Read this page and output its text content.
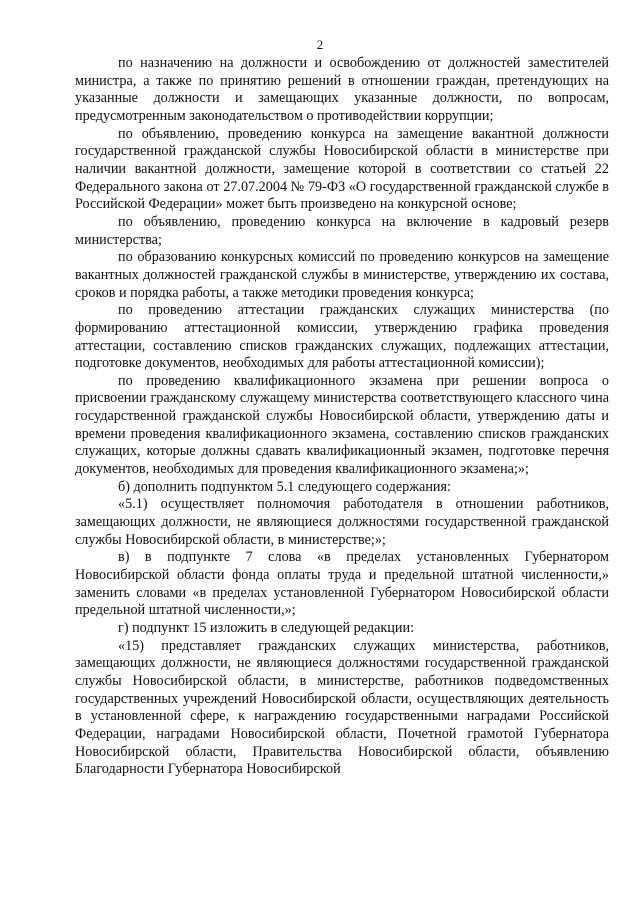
2

по назначению на должности и освобождению от должностей заместителей министра, а также по принятию решений в отношении граждан, претендующих на указанные должности и замещающих указанные должности, по вопросам, предусмотренным законодательством о противодействии коррупции;

по объявлению, проведению конкурса на замещение вакантной должности государственной гражданской службы Новосибирской области в министерстве при наличии вакантной должности, замещение которой в соответствии со статьей 22 Федерального закона от 27.07.2004 № 79-ФЗ «О государственной гражданской службе в Российской Федерации» может быть произведено на конкурсной основе;

по объявлению, проведению конкурса на включение в кадровый резерв министерства;

по образованию конкурсных комиссий по проведению конкурсов на замещение вакантных должностей гражданской службы в министерстве, утверждению их состава, сроков и порядка работы, а также методики проведения конкурса;

по проведению аттестации гражданских служащих министерства (по формированию аттестационной комиссии, утверждению графика проведения аттестации, составлению списков гражданских служащих, подлежащих аттестации, подготовке документов, необходимых для работы аттестационной комиссии);

по проведению квалификационного экзамена при решении вопроса о присвоении гражданскому служащему министерства соответствующего классного чина государственной гражданской службы Новосибирской области, утверждению даты и времени проведения квалификационного экзамена, составлению списков гражданских служащих, которые должны сдавать квалификационный экзамен, подготовке перечня документов, необходимых для проведения квалификационного экзамена;»;

б) дополнить подпунктом 5.1 следующего содержания:

«5.1) осуществляет полномочия работодателя в отношении работников, замещающих должности, не являющиеся должностями государственной гражданской службы Новосибирской области, в министерстве;»;

в) в подпункте 7 слова «в пределах установленных Губернатором Новосибирской области фонда оплаты труда и предельной штатной численности,» заменить словами «в пределах установленной Губернатором Новосибирской области предельной штатной численности,»;

г) подпункт 15 изложить в следующей редакции:

«15) представляет гражданских служащих министерства, работников, замещающих должности, не являющиеся должностями государственной гражданской службы Новосибирской области, в министерстве, работников подведомственных государственных учреждений Новосибирской области, осуществляющих деятельность в установленной сфере, к награждению государственными наградами Российской Федерации, наградами Новосибирской области, Почетной грамотой Губернатора Новосибирской области, Правительства Новосибирской области, объявлению Благодарности Губернатора Новосибирской
